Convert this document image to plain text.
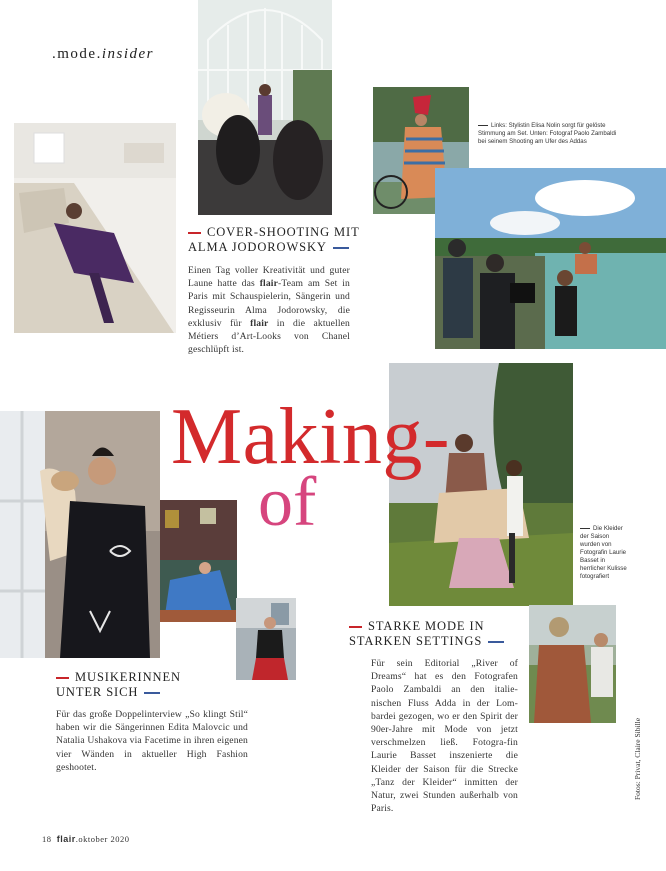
.mode.insider
Links: Stylistin Elisa Nolin sorgt für gelöste Stimmung am Set. Unten: Fotograf Paolo Zambaldi bei seinem Shooting am Ufer des Addas
COVER-SHOOTING MIT
ALMA JODOROWSKY
Einen Tag voller Kreativität und guter Laune hatte das flair-Team am Set in Paris mit Schauspielerin, Sängerin und Regisseurin Alma Jodorowsky, die exklusiv für flair in die aktuellen Métiers d’Art-Looks von Chanel geschlüpft ist.
Die Kleider der Saison wurden von Fotografin Laurie Basset in herrlicher Kulisse fotografiert
Making-
of
MUSIKERINNEN
UNTER SICH
Für das große Doppelinterview „So klingt Stil“ haben wir die Sängerinnen Edita Malovcic und Natalia Ushakova via Facetime in ihren eigenen vier Wänden in aktueller High Fashion geshootet.
STARKE MODE IN
STARKEN SETTINGS
Für sein Editorial „River of Dreams“ hat es den Fotografen Paolo Zambaldi an den italie-nischen Fluss Adda in der Lom-bardei gezogen, wo er den Spirit der 90er-Jahre mit Mode von jetzt verschmelzen ließ. Fotogra-fin Laurie Basset inszenierte die Kleider der Saison für die Strecke „Tanz der Kleider“ inmitten der Natur, zwei Stunden außerhalb von Paris.
Fotos: Privat, Claire Sibille
18 flair.oktober 2020
